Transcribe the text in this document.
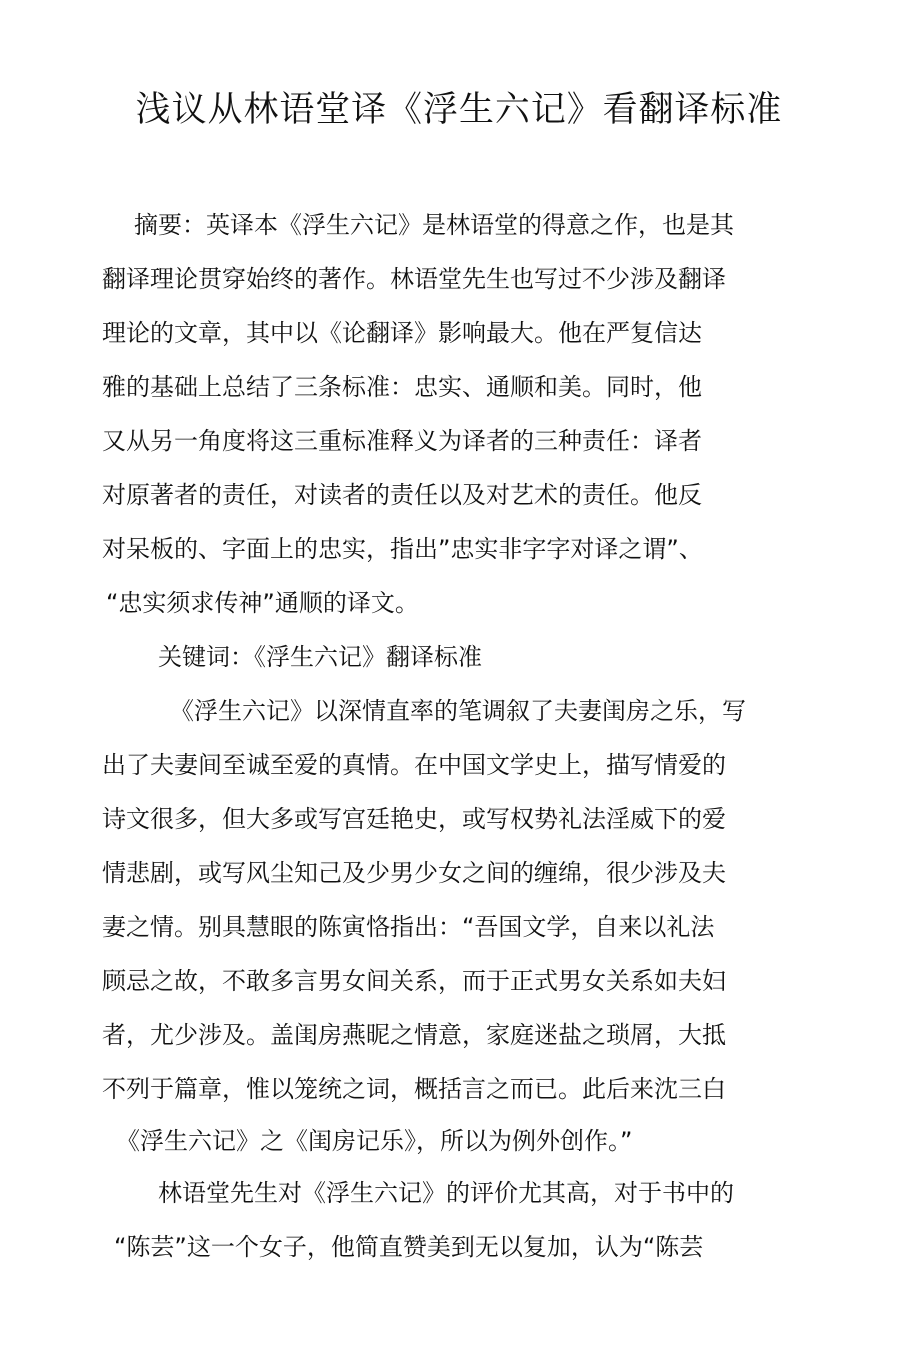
浅议从林语堂译《浮生六记》看翻译标准
摘要：英译本《浮生六记》是林语堂的得意之作，也是其
翻译理论贯穿始终的著作。林语堂先生也写过不少涉及翻译
理论的文章，其中以《论翻译》影响最大。他在严复信达
雅的基础上总结了三条标准：忠实、通顺和美。同时，他
又从另一角度将这三重标准释义为译者的三种责任：译者
对原著者的责任，对读者的责任以及对艺术的责任。他反
对呆板的、字面上的忠实，指出”忠实非字字对译之谓”、
“忠实须求传神”通顺的译文。
关键词：《浮生六记》翻译标准
《浮生六记》以深情直率的笔调叙了夫妻闺房之乐，写
出了夫妻间至诚至爱的真情。在中国文学史上，描写情爱的
诗文很多，但大多或写宫廷艳史，或写权势礼法淫威下的爱
情悲剧，或写风尘知己及少男少女之间的缠绵，很少涉及夫
妻之情。别具慧眼的陈寅恪指出：“吾国文学，自来以礼法
顾忌之故，不敢多言男女间关系，而于正式男女关系如夫妇
者，尤少涉及。盖闺房燕昵之情意，家庭迷盐之琐屑，大抵
不列于篇章，惟以笼统之词，概括言之而已。此后来沈三白
《浮生六记》之《闺房记乐》，所以为例外创作。”
林语堂先生对《浮生六记》的评价尤其高，对于书中的
“陈芸”这一个女子，他简直赞美到无以复加，认为“陈芸
